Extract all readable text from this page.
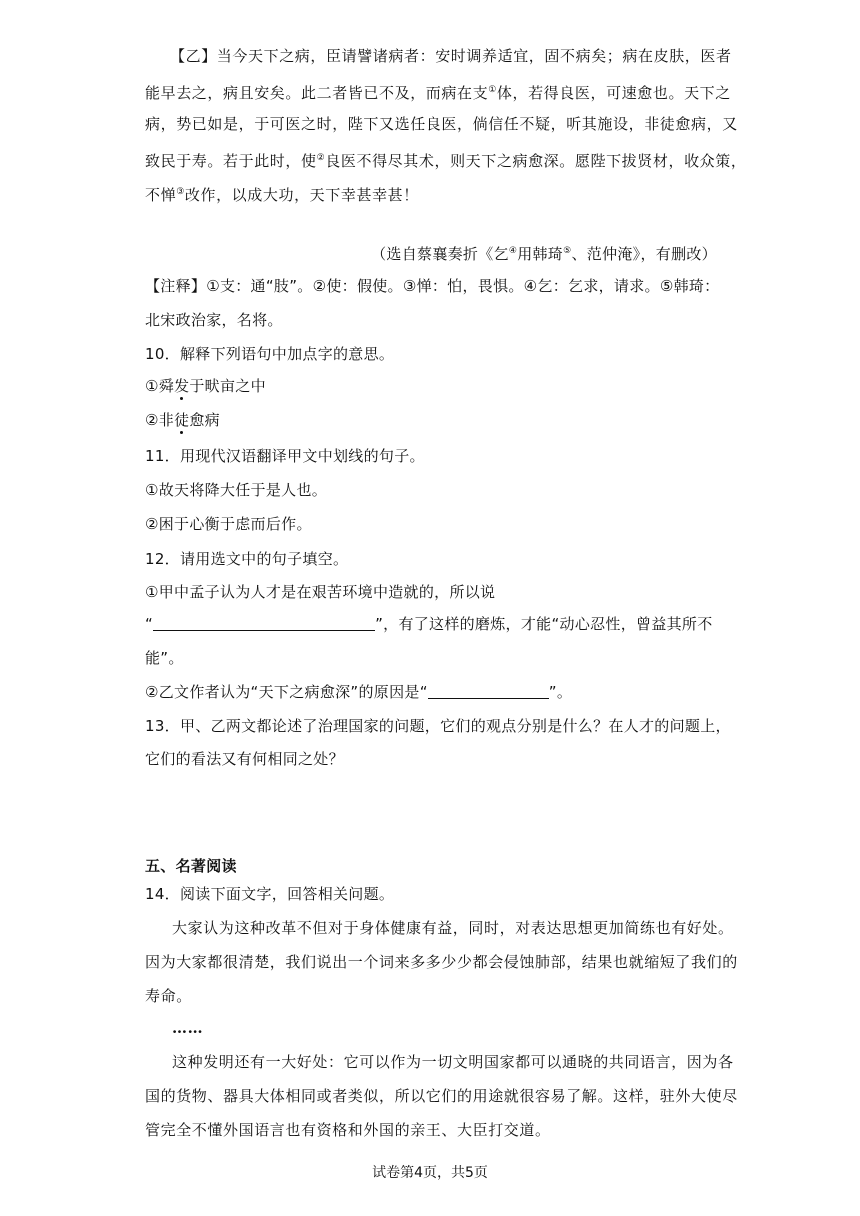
【乙】当今天下之病，臣请譬诸病者：安时调养适宜，固不病矣；病在皮肤，医者
能早去之，病且安矣。此二者皆已不及，而病在支①体，若得良医，可速愈也。天下之
病，势已如是，于可医之时，陛下又选任良医，倘信任不疑，听其施设，非徒愈病，又
致民于寿。若于此时，使②良医不得尽其术，则天下之病愈深。愿陛下拔贤材，收众策，
不惮③改作，以成大功，天下幸甚幸甚！
（选自蔡襄奏折《乞④用韩琦⑤、范仲淹》，有删改）
【注释】①支：通“肢”。②使：假使。③惮：怕，畏惧。④乞：乞求，请求。⑤韩琦：
北宋政治家，名将。
10．解释下列语句中加点字的意思。
①舜发于畎亩之中
②非徒愈病
11．用现代汉语翻译甲文中划线的句子。
①故天将降大任于是人也。
②困于心衡于虑而后作。
12．请用选文中的句子填空。
①甲中孟子认为人才是在艰苦环境中造就的，所以说
“	”，有了这样的磨炼，才能“动心忍性，曾益其所不
能”。
②乙文作者认为“天下之病愈深”的原因是“	”。
13．甲、乙两文都论述了治理国家的问题，它们的观点分别是什么？在人才的问题上，
它们的看法又有何相同之处？
五、名著阅读
14．阅读下面文字，回答相关问题。
大家认为这种改革不但对于身体健康有益，同时，对表达思想更加简练也有好处。
因为大家都很清楚，我们说出一个词来多多少少都会侵蚀肺部，结果也就缩短了我们的
寿命。
……
这种发明还有一大好处：它可以作为一切文明国家都可以通晓的共同语言，因为各
国的货物、器具大体相同或者类似，所以它们的用途就很容易了解。这样，驻外大使尽
管完全不懂外国语言也有资格和外国的亲王、大臣打交道。
试卷第4页，共5页
